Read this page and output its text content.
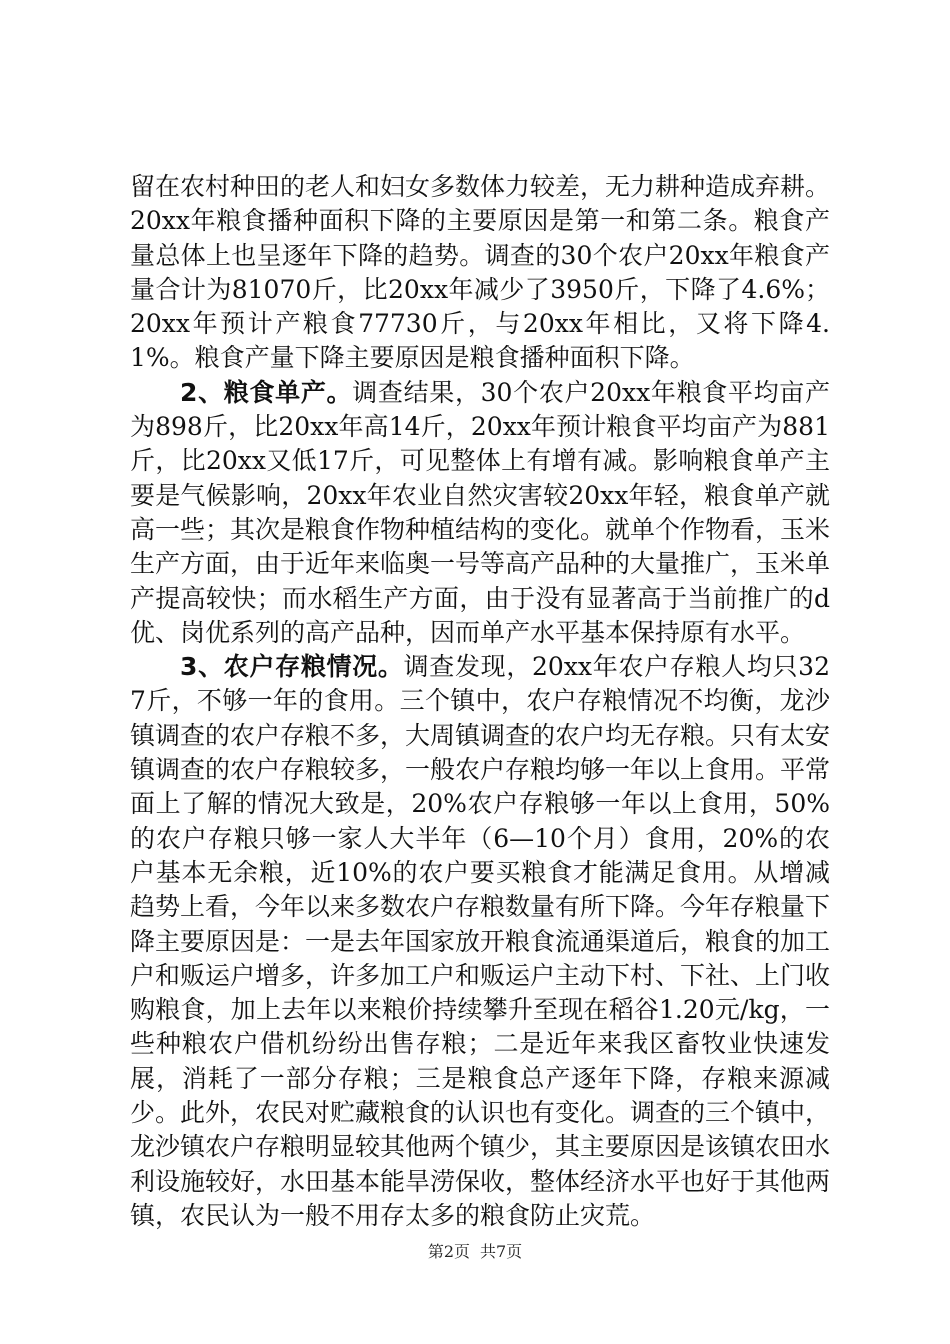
留在农村种田的老人和妇女多数体力较差，无力耕种造成弃耕。20xx年粮食播种面积下降的主要原因是第一和第二条。粮食产量总体上也呈逐年下降的趋势。调查的30个农户20xx年粮食产量合计为81070斤，比20xx年减少了3950斤，下降了4.6%；20xx年预计产粮食77730斤，与20xx年相比，又将下降4.1%。粮食产量下降主要原因是粮食播种面积下降。

2、粮食单产。调查结果，30个农户20xx年粮食平均亩产为898斤，比20xx年高14斤，20xx年预计粮食平均亩产为881斤，比20xx又低17斤，可见整体上有增有减。影响粮食单产主要是气候影响，20xx年农业自然灾害较20xx年轻，粮食单产就高一些；其次是粮食作物种植结构的变化。就单个作物看，玉米生产方面，由于近年来临奥一号等高产品种的大量推广，玉米单产提高较快；而水稻生产方面，由于没有显著高于当前推广的d优、岗优系列的高产品种，因而单产水平基本保持原有水平。

3、农户存粮情况。调查发现，20xx年农户存粮人均只327斤，不够一年的食用。三个镇中，农户存粮情况不均衡，龙沙镇调查的农户存粮不多，大周镇调查的农户均无存粮。只有太安镇调查的农户存粮较多，一般农户存粮均够一年以上食用。平常面上了解的情况大致是，20%农户存粮够一年以上食用，50%的农户存粮只够一家人大半年（6—10个月）食用，20%的农户基本无余粮，近10%的农户要买粮食才能满足食用。从增减趋势上看，今年以来多数农户存粮数量有所下降。今年存粮量下降主要原因是：一是去年国家放开粮食流通渠道后，粮食的加工户和贩运户增多，许多加工户和贩运户主动下村、下社、上门收购粮食，加上去年以来粮价持续攀升至现在稻谷1.20元/kg，一些种粮农户借机纷纷出售存粮；二是近年来我区畜牧业快速发展，消耗了一部分存粮；三是粮食总产逐年下降，存粮来源减少。此外，农民对贮藏粮食的认识也有变化。调查的三个镇中，龙沙镇农户存粮明显较其他两个镇少，其主要原因是该镇农田水利设施较好，水田基本能旱涝保收，整体经济水平也好于其他两镇，农民认为一般不用存太多的粮食防止灾荒。

第2页 共7页
